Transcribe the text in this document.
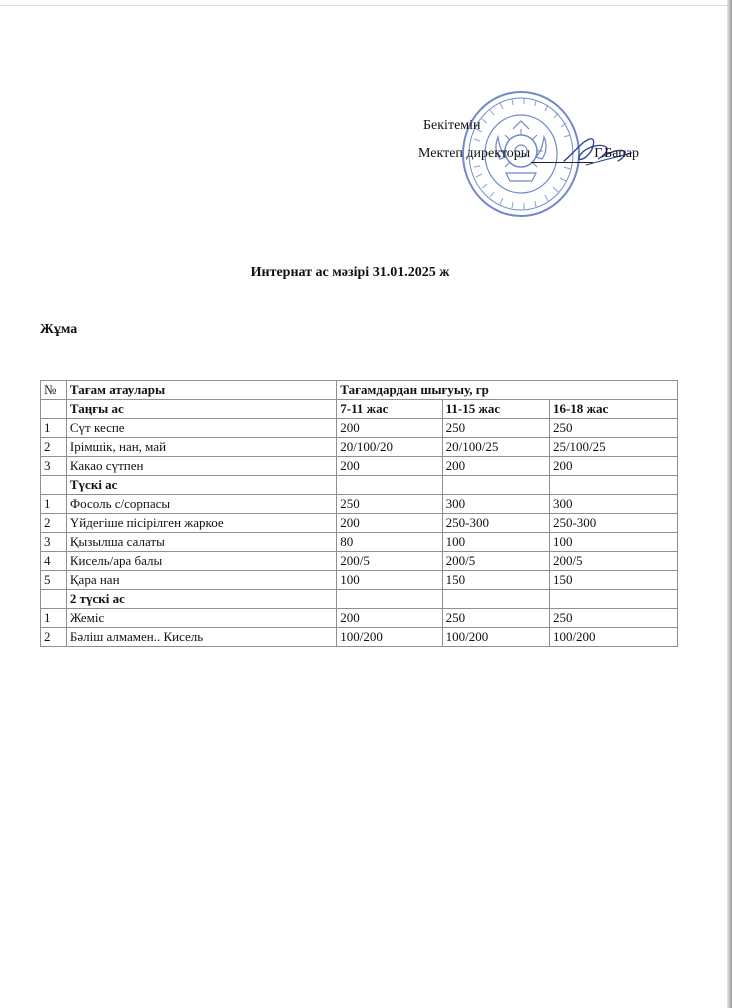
Бекітемін
Мектеп директоры	Г.Бапар
Интернат ас мәзірі 31.01.2025 ж
Жұма
№	Тағам атаулары	Тағамдардан шығуыу, гр		
	Таңғы ас	7-11 жас	11-15 жас	16-18 жас
1	Сүт кеспе	200	250	250
2	Ірімшік, нан, май	20/100/20	20/100/25	25/100/25
3	Какао сүтпен	200	200	200
	Түскі ас			
1	Фосоль с/сорпасы	250	300	300
2	Үйдегіше пісірілген жаркое	200	250-300	250-300
3	Қызылша салаты	80	100	100
4	Кисель/ара балы	200/5	200/5	200/5
5	Қара нан	100	150	150
	2 түскі ас			
1	Жеміс	200	250	250
2	Бәліш алмамен.. Кисель	100/200	100/200	100/200
